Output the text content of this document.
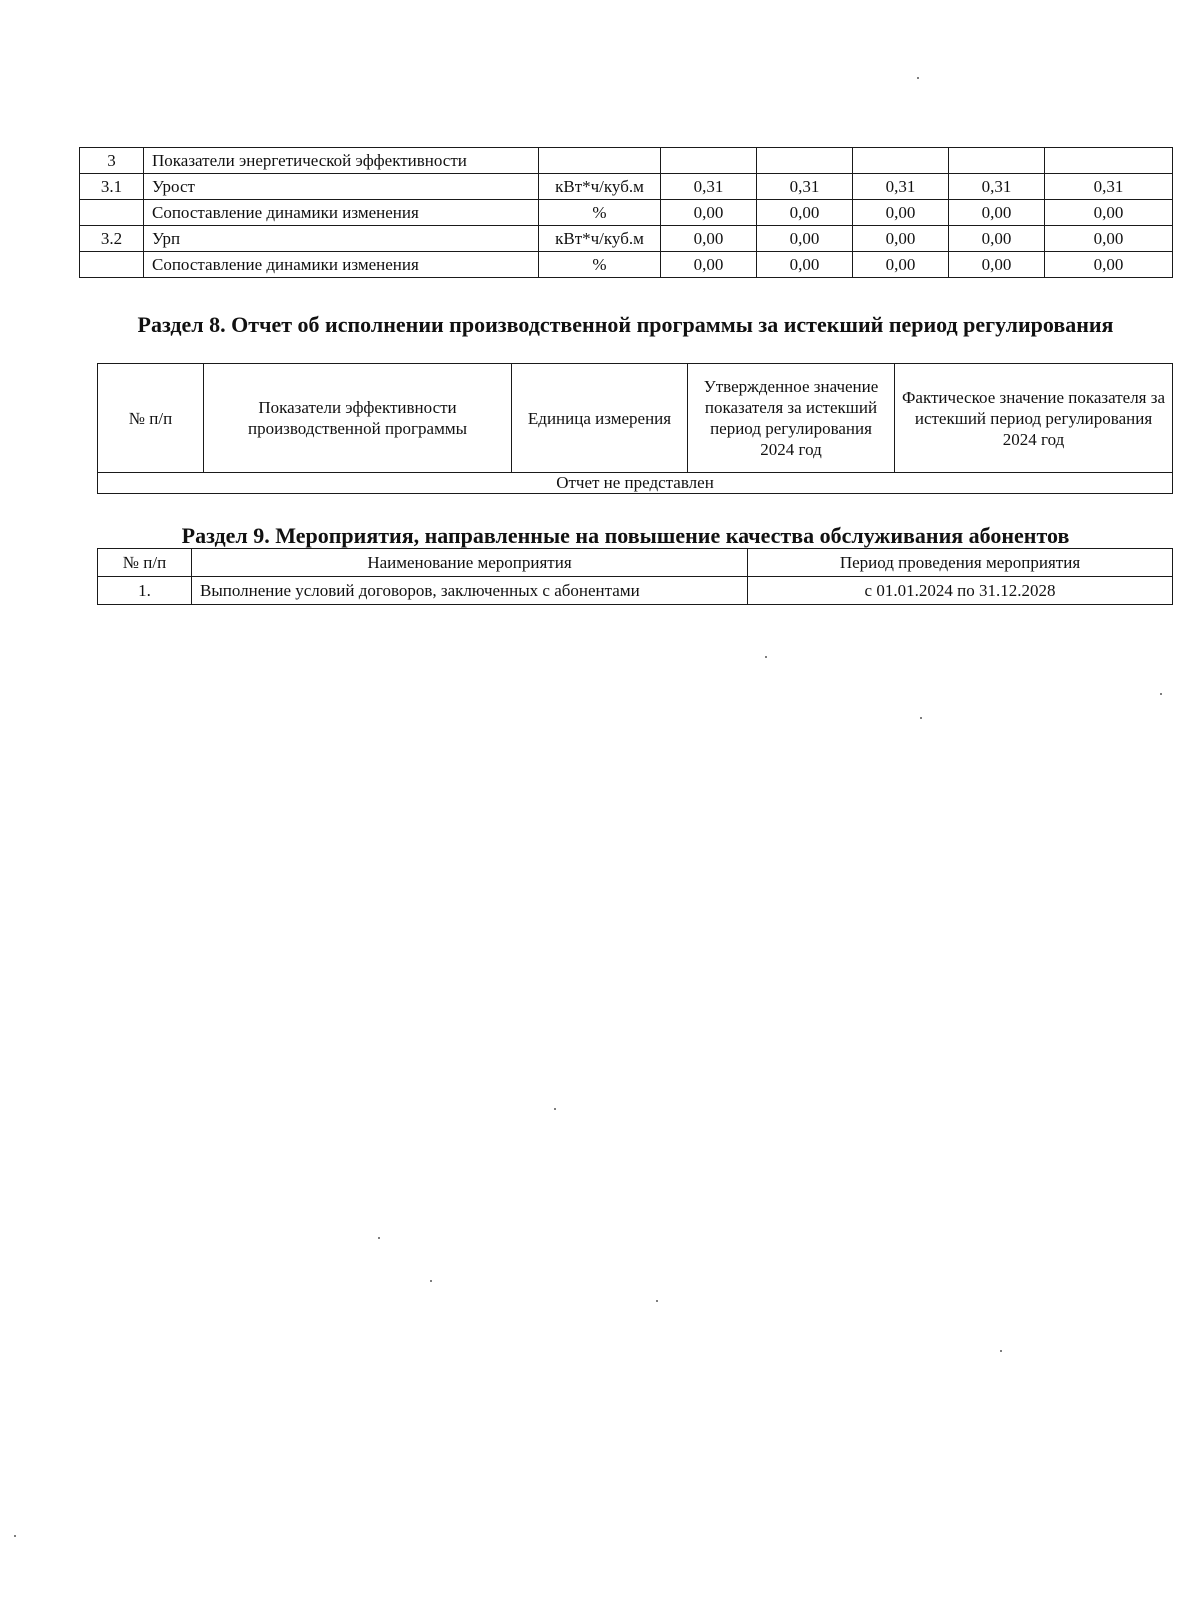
3	Показатели энергетической эффективности						
3.1	Урост	кВт*ч/куб.м	0,31	0,31	0,31	0,31	0,31
	Сопоставление динамики изменения	%	0,00	0,00	0,00	0,00	0,00
3.2	Урп	кВт*ч/куб.м	0,00	0,00	0,00	0,00	0,00
	Сопоставление динамики изменения	%	0,00	0,00	0,00	0,00	0,00
Раздел 8. Отчет об исполнении производственной программы за истекший период регулирования
№ п/п	Показатели эффективности производственной программы	Единица измерения	Утвержденное значение показателя за истекший период регулирования 2024 год	Фактическое значение показателя за истекший период регулирования 2024 год
Отчет не представлен
Раздел 9. Мероприятия, направленные на повышение качества обслуживания абонентов
№ п/п	Наименование мероприятия	Период проведения мероприятия
1.	Выполнение условий договоров, заключенных с абонентами	с 01.01.2024 по 31.12.2028
